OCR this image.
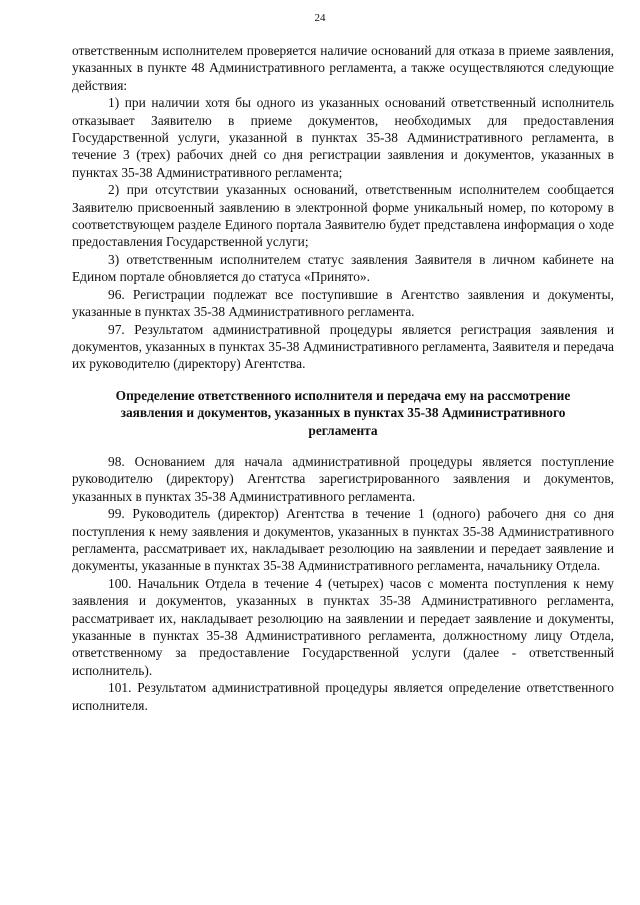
24

ответственным исполнителем проверяется наличие оснований для отказа в приеме заявления, указанных в пункте 48 Административного регламента, а также осуществляются следующие действия:

1) при наличии хотя бы одного из указанных оснований ответственный исполнитель отказывает Заявителю в приеме документов, необходимых для предоставления Государственной услуги, указанной в пунктах 35-38 Административного регламента, в течение 3 (трех) рабочих дней со дня регистрации заявления и документов, указанных в пунктах 35-38 Административного регламента;

2) при отсутствии указанных оснований, ответственным исполнителем сообщается Заявителю присвоенный заявлению в электронной форме уникальный номер, по которому в соответствующем разделе Единого портала Заявителю будет представлена информация о ходе предоставления Государственной услуги;

3) ответственным исполнителем статус заявления Заявителя в личном кабинете на Едином портале обновляется до статуса «Принято».

96. Регистрации подлежат все поступившие в Агентство заявления и документы, указанные в пунктах 35-38 Административного регламента.

97. Результатом административной процедуры является регистрация заявления и документов, указанных в пунктах 35-38 Административного регламента, Заявителя и передача их руководителю (директору) Агентства.

Определение ответственного исполнителя и передача ему на рассмотрение заявления и документов, указанных в пунктах 35-38 Административного регламента

98. Основанием для начала административной процедуры является поступление руководителю (директору) Агентства зарегистрированного заявления и документов, указанных в пунктах 35-38 Административного регламента.

99. Руководитель (директор) Агентства в течение 1 (одного) рабочего дня со дня поступления к нему заявления и документов, указанных в пунктах 35-38 Административного регламента, рассматривает их, накладывает резолюцию на заявлении и передает заявление и документы, указанные в пунктах 35-38 Административного регламента, начальнику Отдела.

100. Начальник Отдела в течение 4 (четырех) часов с момента поступления к нему заявления и документов, указанных в пунктах 35-38 Административного регламента, рассматривает их, накладывает резолюцию на заявлении и передает заявление и документы, указанные в пунктах 35-38 Административного регламента, должностному лицу Отдела, ответственному за предоставление Государственной услуги (далее - ответственный исполнитель).

101. Результатом административной процедуры является определение ответственного исполнителя.
